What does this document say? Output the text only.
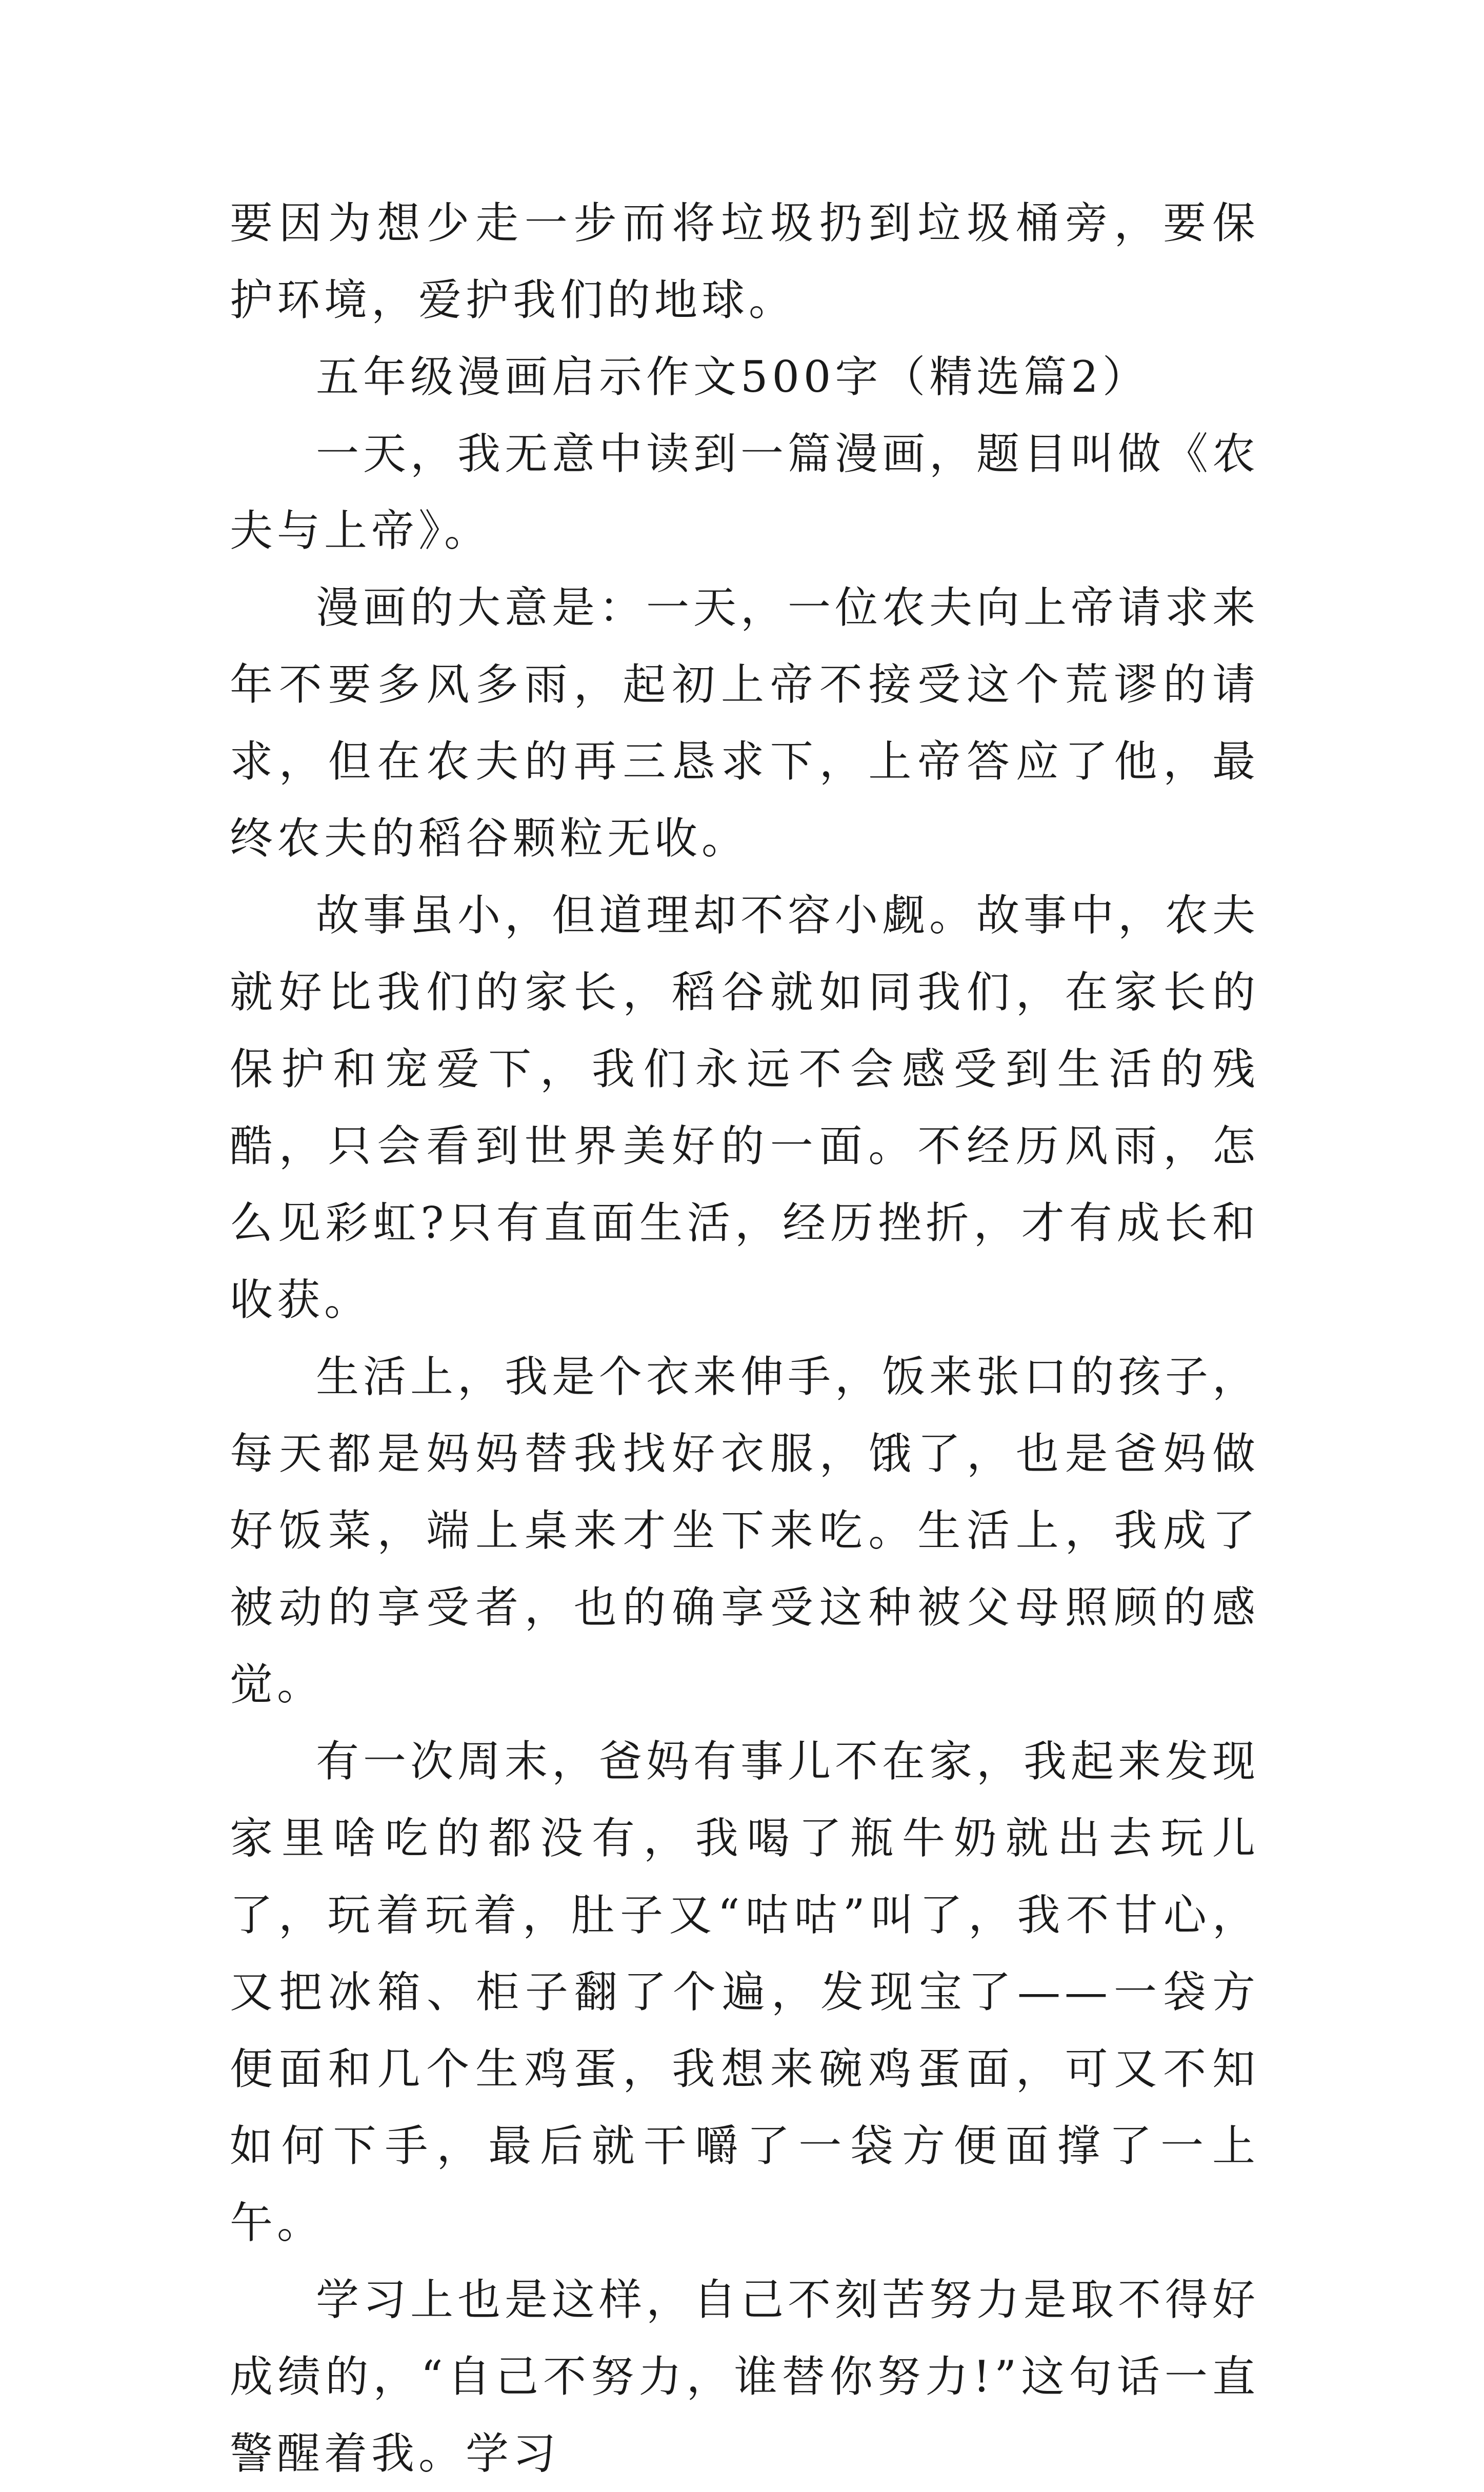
要因为想少走一步而将垃圾扔到垃圾桶旁，要保护环境，爱护我们的地球。

五年级漫画启示作文500字（精选篇2）

一天，我无意中读到一篇漫画，题目叫做《农夫与上帝》。

漫画的大意是：一天，一位农夫向上帝请求来年不要多风多雨，起初上帝不接受这个荒谬的请求，但在农夫的再三恳求下，上帝答应了他，最终农夫的稻谷颗粒无收。

故事虽小，但道理却不容小觑。故事中，农夫就好比我们的家长，稻谷就如同我们，在家长的保护和宠爱下，我们永远不会感受到生活的残酷，只会看到世界美好的一面。不经历风雨，怎么见彩虹?只有直面生活，经历挫折，才有成长和收获。

生活上，我是个衣来伸手，饭来张口的孩子，每天都是妈妈替我找好衣服，饿了，也是爸妈做好饭菜，端上桌来才坐下来吃。生活上，我成了被动的享受者，也的确享受这种被父母照顾的感觉。

有一次周末，爸妈有事儿不在家，我起来发现家里啥吃的都没有，我喝了瓶牛奶就出去玩儿了，玩着玩着，肚子又“咕咕”叫了，我不甘心，又把冰箱、柜子翻了个遍，发现宝了——一袋方便面和几个生鸡蛋，我想来碗鸡蛋面，可又不知如何下手，最后就干嚼了一袋方便面撑了一上午。

学习上也是这样，自己不刻苦努力是取不得好成绩的，“自己不努力，谁替你努力!”这句话一直警醒着我。学习
